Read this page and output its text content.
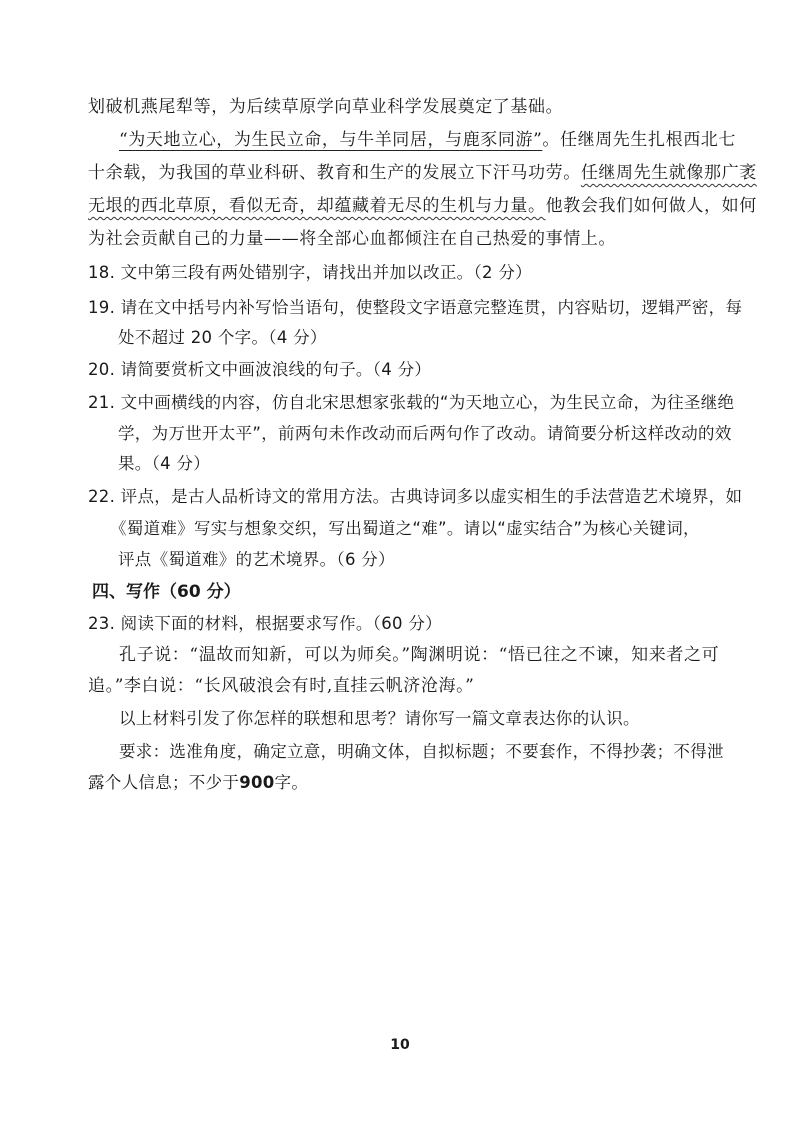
划破机燕尾犁等，为后续草原学向草业科学发展奠定了基础。
“为天地立心，为生民立命，与牛羊同居，与鹿豕同游”。任继周先生扎根西北七
十余载，为我国的草业科研、教育和生产的发展立下汗马功劳。任继周先生就像那广袤
无垠的西北草原，看似无奇，却蕴藏着无尽的生机与力量。他教会我们如何做人，如何
为社会贡献自己的力量——将全部心血都倾注在自己热爱的事情上。
18. 文中第三段有两处错别字，请找出并加以改正。（2 分）
19. 请在文中括号内补写恰当语句，使整段文字语意完整连贯，内容贴切，逻辑严密，每
处不超过 20 个字。（4 分）
20. 请简要赏析文中画波浪线的句子。（4 分）
21. 文中画横线的内容，仿自北宋思想家张载的“为天地立心，为生民立命，为往圣继绝
学，为万世开太平”，前两句未作改动而后两句作了改动。请简要分析这样改动的效
果。（4 分）
22. 评点，是古人品析诗文的常用方法。古典诗词多以虚实相生的手法营造艺术境界，如
《蜀道难》写实与想象交织，写出蜀道之“难”。请以“虚实结合”为核心关键词，
评点《蜀道难》的艺术境界。（6 分）
四、写作（60 分）
23. 阅读下面的材料，根据要求写作。（60 分）
孔子说：“温故而知新，可以为师矣。”陶渊明说：“悟已往之不谏，知来者之可
追。”李白说：“长风破浪会有时,直挂云帆济沧海。”
以上材料引发了你怎样的联想和思考？请你写一篇文章表达你的认识。
要求：选准角度，确定立意，明确文体，自拟标题；不要套作，不得抄袭；不得泄
露个人信息；不少于900字。
10
